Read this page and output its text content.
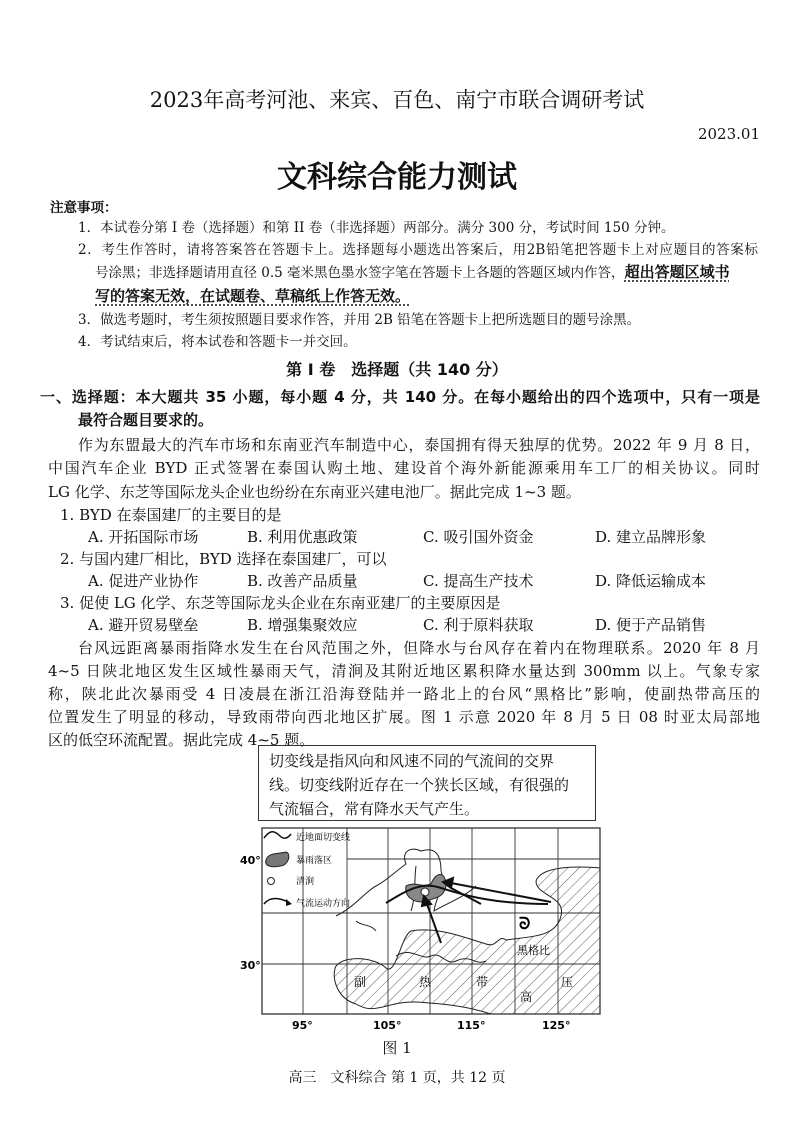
2023年高考河池、来宾、百色、南宁市联合调研考试
2023.01
文科综合能力测试
注意事项：
1．本试卷分第 I 卷（选择题）和第 II 卷（非选择题）两部分。满分 300 分，考试时间 150 分钟。
2．考生作答时，请将答案答在答题卡上。选择题每小题选出答案后，用2B铅笔把答题卡上对应题目的答案标
号涂黑；非选择题请用直径 0.5 毫米黑色墨水签字笔在答题卡上各题的答题区域内作答，超出答题区域书
写的答案无效，在试题卷、草稿纸上作答无效。
3．做选考题时，考生须按照题目要求作答，并用 2B 铅笔在答题卡上把所选题目的题号涂黑。
4．考试结束后，将本试卷和答题卡一并交回。
第 I 卷　选择题（共 140 分）
一、选择题：本大题共 35 小题，每小题 4 分，共 140 分。在每小题给出的四个选项中，只有一项是
最符合题目要求的。
作为东盟最大的汽车市场和东南亚汽车制造中心，泰国拥有得天独厚的优势。2022 年 9 月 8 日，
中国汽车企业 BYD 正式签署在泰国认购土地、建设首个海外新能源乘用车工厂的相关协议。同时
LG 化学、东芝等国际龙头企业也纷纷在东南亚兴建电池厂。据此完成 1~3 题。
1. BYD 在泰国建厂的主要目的是
A. 开拓国际市场	B. 利用优惠政策	C. 吸引国外资金	D. 建立品牌形象
2. 与国内建厂相比，BYD 选择在泰国建厂，可以
A. 促进产业协作	B. 改善产品质量	C. 提高生产技术	D. 降低运输成本
3. 促使 LG 化学、东芝等国际龙头企业在东南亚建厂的主要原因是
A. 避开贸易壁垒	B. 增强集聚效应	C. 利于原料获取	D. 便于产品销售
台风远距离暴雨指降水发生在台风范围之外，但降水与台风存在着内在物理联系。2020 年 8 月
4~5 日陕北地区发生区域性暴雨天气，清涧及其附近地区累积降水量达到 300mm 以上。气象专家
称，陕北此次暴雨受 4 日凌晨在浙江沿海登陆并一路北上的台风“黑格比”影响，使副热带高压的
位置发生了明显的移动，导致雨带向西北地区扩展。图 1 示意 2020 年 8 月 5 日 08 时亚太局部地
区的低空环流配置。据此完成 4~5 题。
切变线是指风向和风速不同的气流间的交界
线。切变线附近存在一个狭长区域，有很强的
气流辐合，常有降水天气产生。
ᘐ
黑格比
副	热	带
高
压
近地面切变线
暴雨落区
清涧
气流运动方向
40°
30°
95°	105°	115°	125°
图 1
高三　文科综合 第 1 页，共 12 页
